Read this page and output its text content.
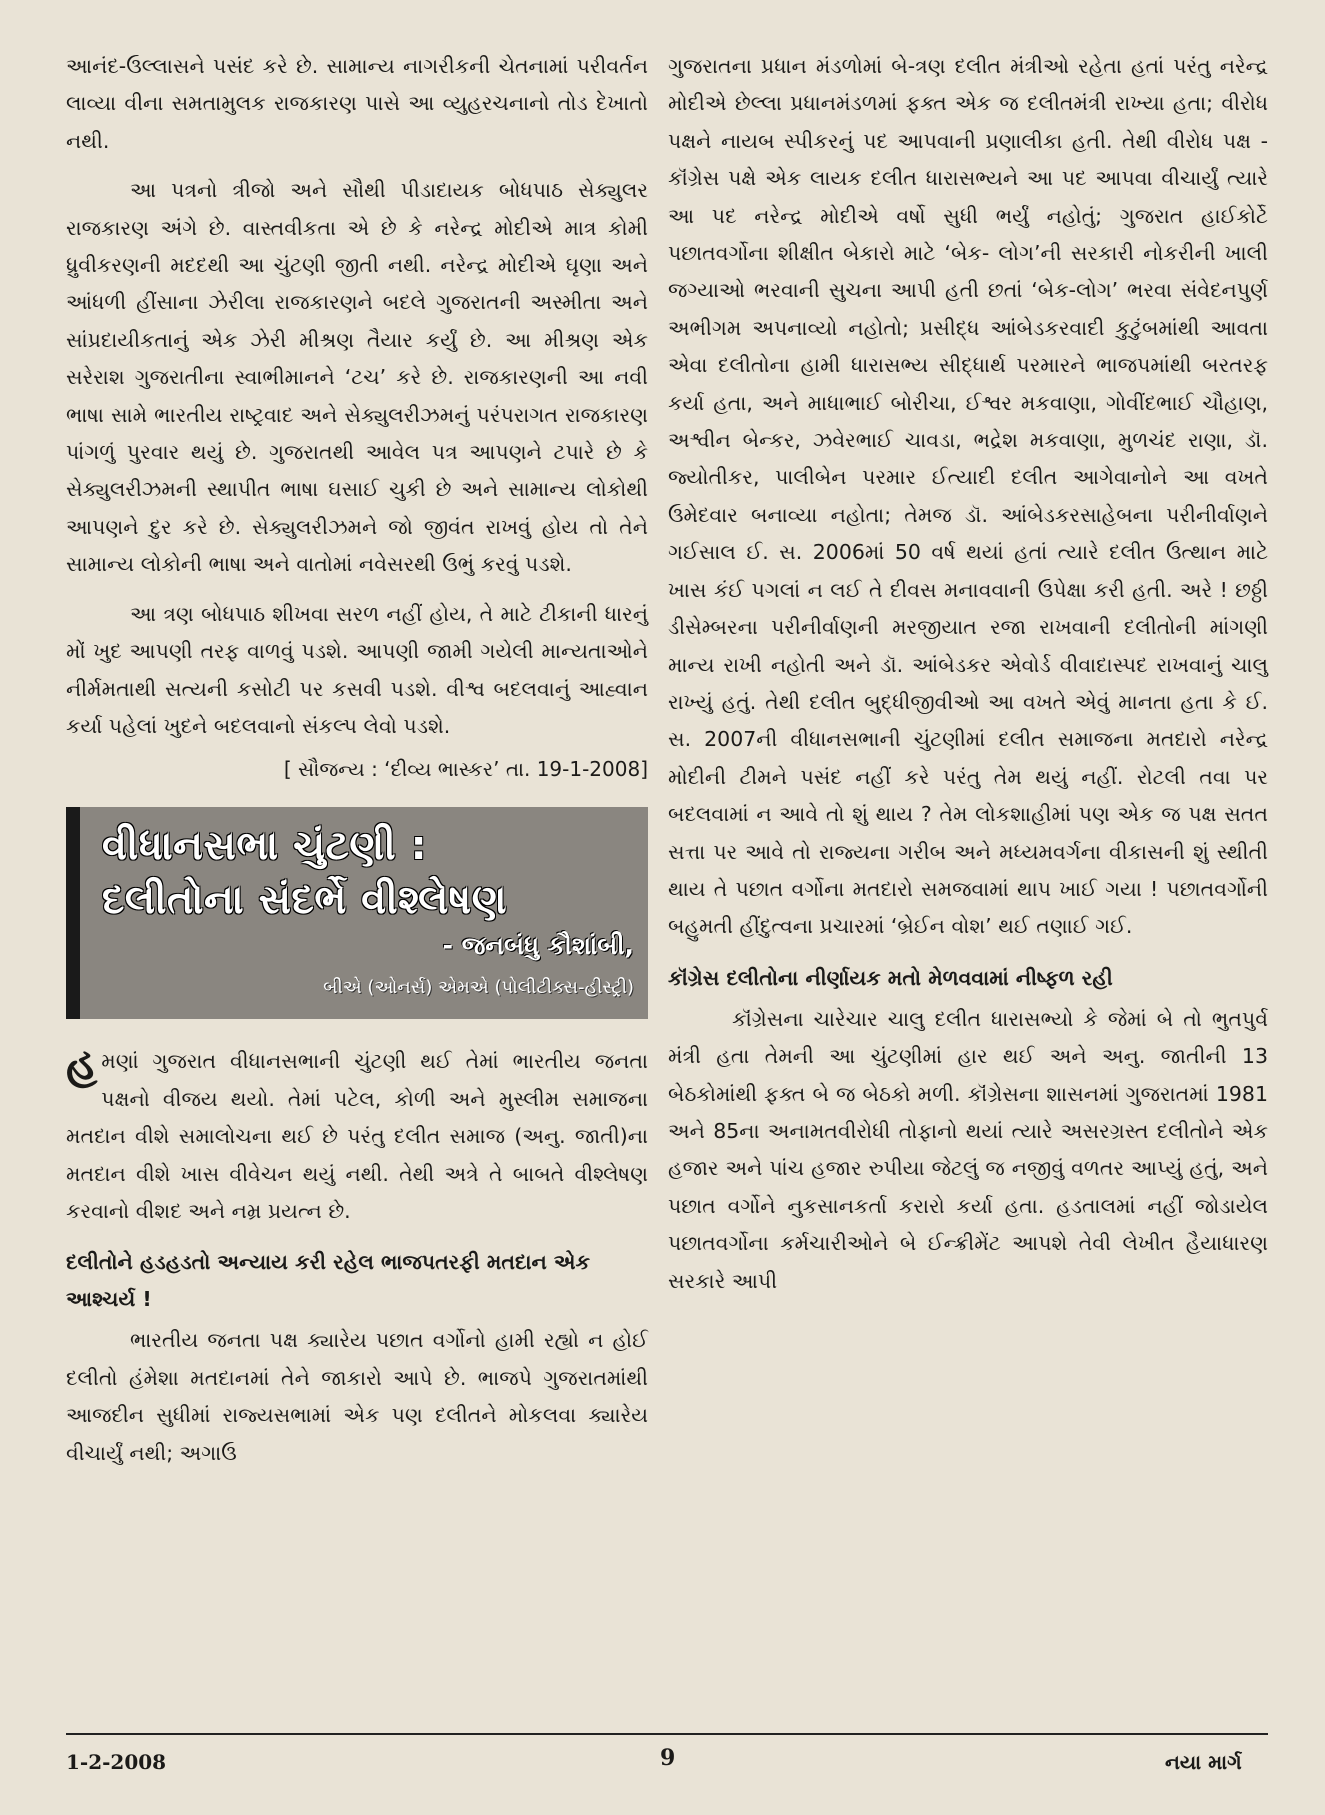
આનંદ-ઉલ્લાસને પસંદ કરે છે. સામાન્ય નાગરીકની ચેતનામાં પરીવર્તન લાવ્યા વીના સમતામુલક રાજકારણ પાસે આ વ્યુહરચનાનો તોડ દેખાતો નથી.

આ પત્રનો ત્રીજો અને સૌથી પીડાદાયક બોધપાઠ સેક્યુલર રાજકારણ અંગે છે. વાસ્તવીકતા એ છે કે નરેન્દ્ર મોદીએ માત્ર કોમી ધ્રુવીકરણની મદદથી આ ચુંટણી જીતી નથી. નરેન્દ્ર મોદીએ ઘૃણા અને આંધળી હીંસાના ઝેરીલા રાજકારણને બદલે ગુજરાતની અસ્મીતા અને સાંપ્રદાયીકતાનું એક ઝેરી મીશ્રણ તૈયાર કર્યું છે. આ મીશ્રણ એક સરેરાશ ગુજરાતીના સ્વાભીમાનને ‘ટચ’ કરે છે. રાજકારણની આ નવી ભાષા સામે ભારતીય રાષ્ટ્રવાદ અને સેક્યુલરીઝમનું પરંપરાગત રાજકારણ પાંગળું પુરવાર થયું છે. ગુજરાતથી આવેલ પત્ર આપણને ટપારે છે કે સેક્યુલરીઝમની સ્થાપીત ભાષા ઘસાઈ ચુકી છે અને સામાન્ય લોકોથી આપણને દુર કરે છે. સેક્યુલરીઝમને જો જીવંત રાખવું હોય તો તેને સામાન્ય લોકોની ભાષા અને વાતોમાં નવેસરથી ઉભું કરવું પડશે.

આ ત્રણ બોધપાઠ શીખવા સરળ નહીં હોય, તે માટે ટીકાની ધારનું મોં ખુદ આપણી તરફ વાળવું પડશે. આપણી જામી ગયેલી માન્યતાઓને નીર્મમતાથી સત્યની કસોટી પર કસવી પડશે. વીશ્વ બદલવાનું આહ્વાન કર્યા પહેલાં ખુદને બદલવાનો સંકલ્પ લેવો પડશે.

[ સૌજન્ય : ‘દીવ્ય ભાસ્કર’ તા. 19-1-2008]
વીધાનસભા ચુંટણી :
દલીતોના સંદર્ભે વીશ્લેષણ
- જનબંધુ કૌશાંબી,
બીએ (ઓનર્સ) એમએ (પોલીટીક્સ-હીસ્ટ્રી)

હમણાં ગુજરાત વીધાનસભાની ચુંટણી થઈ તેમાં ભારતીય જનતા પક્ષનો વીજય થયો. તેમાં પટેલ, કોળી અને મુસ્લીમ સમાજના મતદાન વીશે સમાલોચના થઈ છે પરંતુ દલીત સમાજ (અનુ. જાતી)ના મતદાન વીશે ખાસ વીવેચન થયું નથી. તેથી અત્રે તે બાબતે વીશ્લેષણ કરવાનો વીશદ અને નમ્ર પ્રયત્ન છે.

દલીતોને હડહડતો અન્યાય કરી રહેલ ભાજપતરફી મતદાન એક આશ્ચર્ય !

ભારતીય જનતા પક્ષ ક્યારેય પછાત વર્ગોનો હામી રહ્યો ન હોઈ દલીતો હંમેશા મતદાનમાં તેને જાકારો આપે છે. ભાજપે ગુજરાતમાંથી આજદીન સુધીમાં રાજ્યસભામાં એક પણ દલીતને મોકલવા ક્યારેય વીચાર્યું નથી; અગાઉ

ગુજરાતના પ્રધાન મંડળોમાં બે-ત્રણ દલીત મંત્રીઓ રહેતા હતાં પરંતુ નરેન્દ્ર મોદીએ છેલ્લા પ્રધાનમંડળમાં ફક્ત એક જ દલીતમંત્રી રાખ્યા હતા; વીરોધ પક્ષને નાયબ સ્પીકરનું પદ આપવાની પ્રણાલીકા હતી. તેથી વીરોધ પક્ષ - કૉંગ્રેસ પક્ષે એક લાયક દલીત ધારાસભ્યને આ પદ આપવા વીચાર્યું ત્યારે આ પદ નરેન્દ્ર મોદીએ વર્ષો સુધી ભર્યું નહોતું; ગુજરાત હાઈકોર્ટે પછાતવર્ગોના શીક્ષીત બેકારો માટે ‘બેક- લોગ’ની સરકારી નોકરીની ખાલી જગ્યાઓ ભરવાની સુચના આપી હતી છતાં ‘બેક-લોગ’ ભરવા સંવેદનપુર્ણ અભીગમ અપનાવ્યો નહોતો; પ્રસીદ્ધ આંબેડકરવાદી કુટુંબમાંથી આવતા એવા દલીતોના હામી ધારાસભ્ય સીદ્ધાર્થ પરમારને ભાજપમાંથી બરતરફ કર્યા હતા, અને માધાભાઈ બોરીચા, ઈશ્વર મકવાણા, ગોવીંદભાઈ ચૌહાણ, અશ્વીન બેન્કર, ઝવેરભાઈ ચાવડા, ભદ્રેશ મકવાણા, મુળચંદ રાણા, ડૉ. જ્યોતીકર, પાલીબેન પરમાર ઈત્યાદી દલીત આગેવાનોને આ વખતે ઉમેદવાર બનાવ્યા નહોતા; તેમજ ડૉ. આંબેડકરસાહેબના પરીનીર્વાણને ગઈસાલ ઈ. સ. 2006માં 50 વર્ષ થયાં હતાં ત્યારે દલીત ઉત્થાન માટે ખાસ કંઈ પગલાં ન લઈ તે દીવસ મનાવવાની ઉપેક્ષા કરી હતી. અરે ! છઠ્ઠી ડીસેમ્બરના પરીનીર્વાણની મરજીયાત રજા રાખવાની દલીતોની માંગણી માન્ય રાખી નહોતી અને ડૉ. આંબેડકર એવોર્ડ વીવાદાસ્પદ રાખવાનું ચાલુ રાખ્યું હતું. તેથી દલીત બુદ્ધીજીવીઓ આ વખતે એવું માનતા હતા કે ઈ. સ. 2007ની વીધાનસભાની ચુંટણીમાં દલીત સમાજના મતદારો નરેન્દ્ર મોદીની ટીમને પસંદ નહીં કરે પરંતુ તેમ થયું નહીં. રોટલી તવા પર બદલવામાં ન આવે તો શું થાય ? તેમ લોકશાહીમાં પણ એક જ પક્ષ સતત સત્તા પર આવે તો રાજ્યના ગરીબ અને મધ્યમવર્ગના વીકાસની શું સ્થીતી થાય તે પછાત વર્ગોના મતદારો સમજવામાં થાપ ખાઈ ગયા ! પછાતવર્ગોની બહુમતી હીંદુત્વના પ્રચારમાં ‘બ્રેઈન વોશ’ થઈ તણાઈ ગઈ.

કૉંગ્રેસ દલીતોના નીર્ણાયક મતો મેળવવામાં નીષ્ફળ રહી

કૉંગ્રેસના ચારેચાર ચાલુ દલીત ધારાસભ્યો કે જેમાં બે તો ભુતપુર્વ મંત્રી હતા તેમની આ ચુંટણીમાં હાર થઈ અને અનુ. જાતીની 13 બેઠકોમાંથી ફક્ત બે જ બેઠકો મળી. કૉંગ્રેસના શાસનમાં ગુજરાતમાં 1981 અને 85ના અનામતવીરોધી તોફાનો થયાં ત્યારે અસરગ્રસ્ત દલીતોને એક હજાર અને પાંચ હજાર રુપીયા જેટલું જ નજીવું વળતર આપ્યું હતું, અને પછાત વર્ગોને નુકસાનકર્તા કરારો કર્યા હતા. હડતાલમાં નહીં જોડાયેલ પછાતવર્ગોના કર્મચારીઓને બે ઈન્ક્રીમેંટ આપશે તેવી લેખીત હૈયાધારણ સરકારે આપી

1-2-2008	9	નયા માર્ગ
